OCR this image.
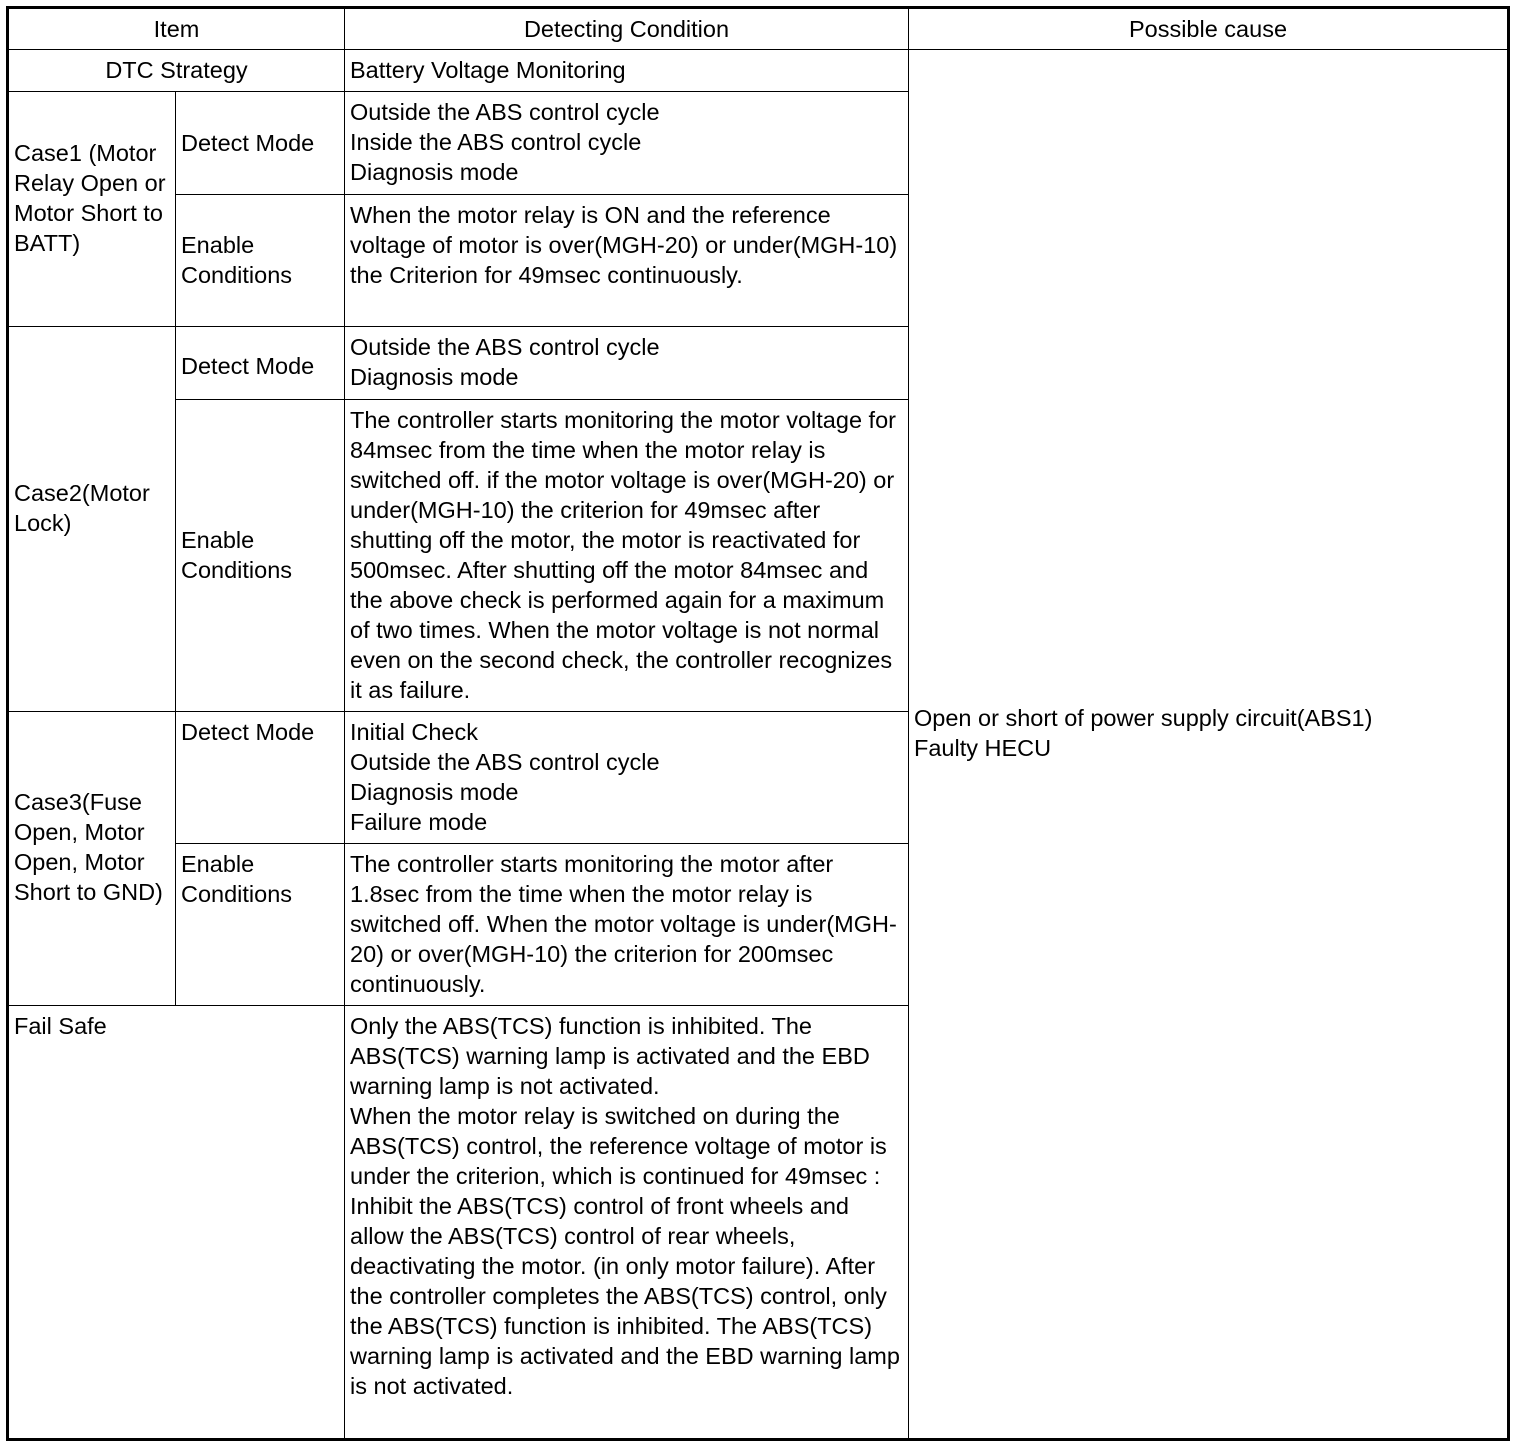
Item		Detecting Condition	Possible cause
DTC Strategy		Battery Voltage Monitoring	Open or short of power supply circuit(ABS1)
Faulty HECU

Case1 (Motor Relay Open or Motor Short to BATT)	Detect Mode	Outside the ABS control cycle
Inside the ABS control cycle
Diagnosis mode	

	Enable Conditions	When the motor relay is ON and the reference voltage of motor is over(MGH-20) or under(MGH-10) the Criterion for 49msec continuously.	
Case2(Motor Lock)	Detect Mode	Outside the ABS control cycle
Diagnosis mode	

	Enable Conditions	The controller starts monitoring the motor voltage for 84msec from the time when the motor relay is switched off. if the motor voltage is over(MGH-20) or under(MGH-10) the criterion for 49msec after shutting off the motor, the motor is reactivated for 500msec. After shutting off the motor 84msec and the above check is performed again for a maximum of two times. When the motor voltage is not normal even on the second check, the controller recognizes it as failure.	
Case3(Fuse Open, Motor Open, Motor Short to GND)	Detect Mode	Initial Check
Outside the ABS control cycle
Diagnosis mode
Failure mode	

	Enable Conditions	The controller starts monitoring the motor after 1.8sec from the time when the motor relay is switched off. When the motor voltage is under(MGH-20) or over(MGH-10) the criterion for 200msec continuously.	
Fail Safe		Only the ABS(TCS) function is inhibited. The ABS(TCS) warning lamp is activated and the EBD warning lamp is not activated.
When the motor relay is switched on during the ABS(TCS) control, the reference voltage of motor is under the criterion, which is continued for 49msec : Inhibit the ABS(TCS) control of front wheels and allow the ABS(TCS) control of rear wheels, deactivating the motor. (in only motor failure). After the controller completes the ABS(TCS) control, only the ABS(TCS) function is inhibited. The ABS(TCS) warning lamp is activated and the EBD warning lamp is not activated.	
